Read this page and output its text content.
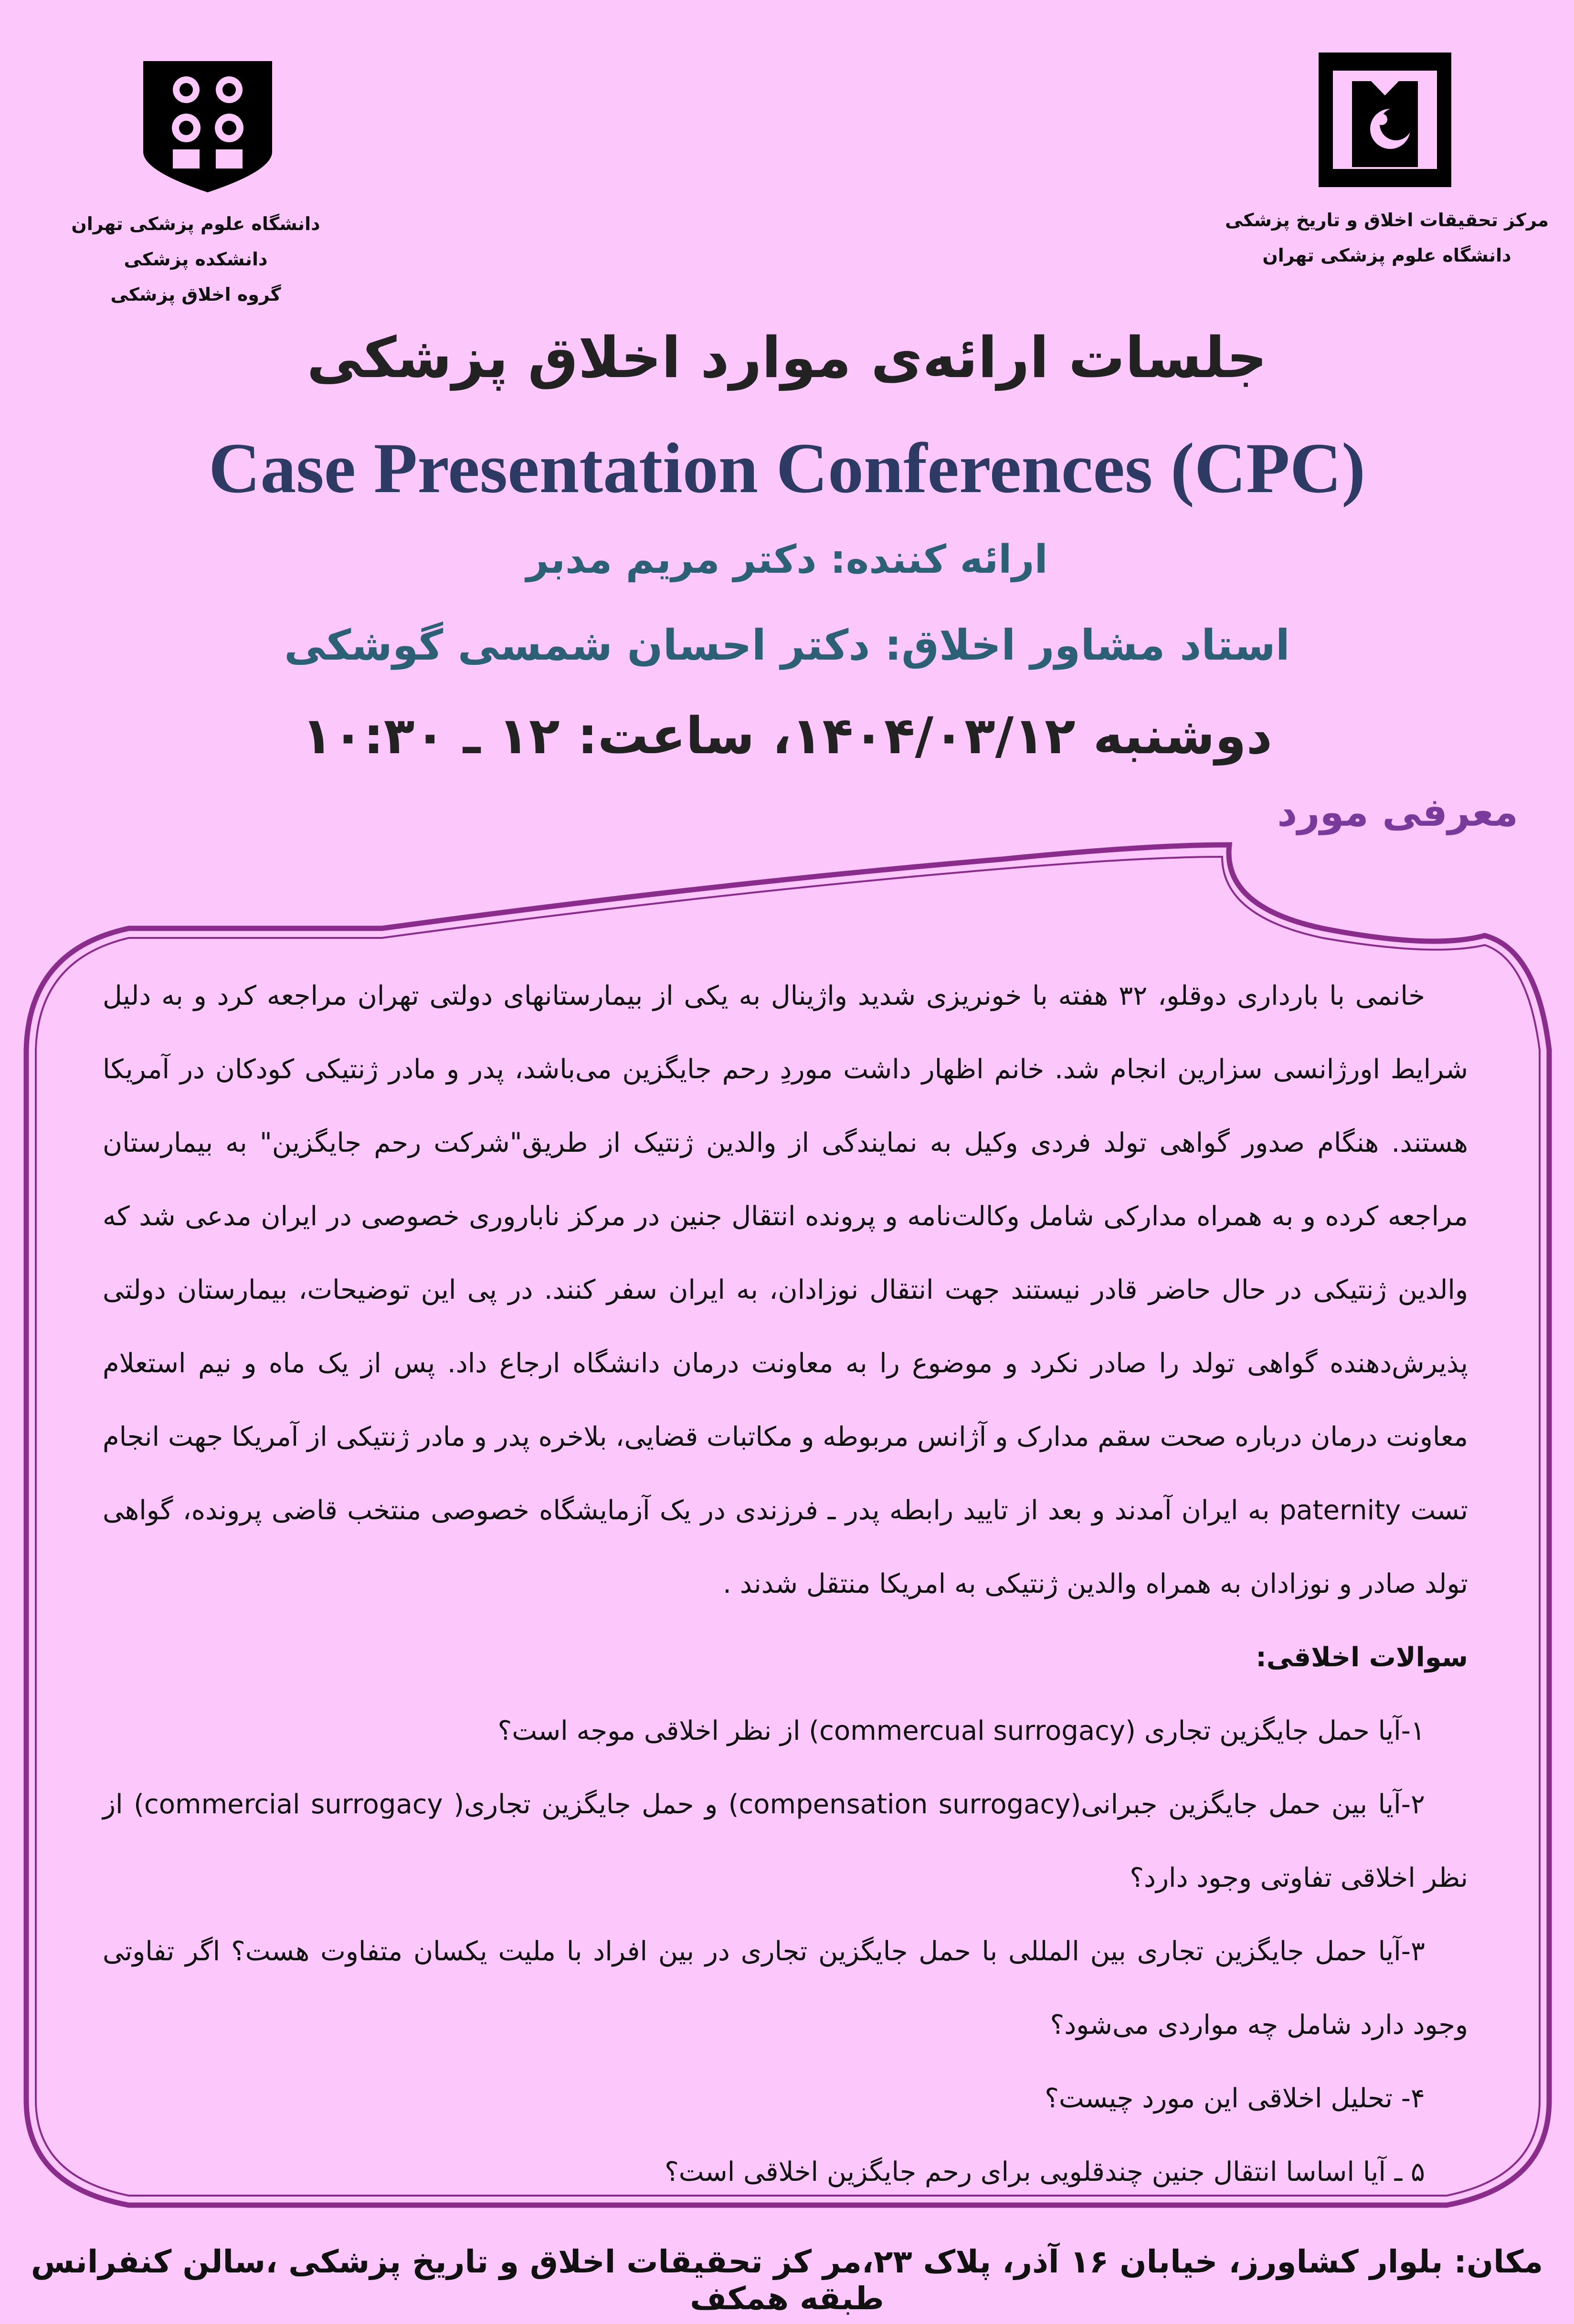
دانشگاه علوم پزشکی تهران
دانشکده پزشکی
گروه اخلاق پزشکی
مرکز تحقیقات اخلاق و تاریخ پزشکی
دانشگاه علوم پزشکی تهران
جلسات ارائه‌ی موارد اخلاق پزشکی
Case Presentation Conferences (CPC)
ارائه کننده: دکتر مریم مدبر
استاد مشاور اخلاق: دکتر احسان شمسی گوشکی
دوشنبه ۱۴۰۴/۰۳/۱۲، ساعت: ۱۲ ـ ۱۰:۳۰
معرفی مورد

خانمی با بارداری دوقلو، ۳۲ هفته با خونریزی شدید واژینال به یکی از بیمارستانهای دولتی تهران مراجعه کرد و به دلیل شرایط اورژانسی سزارین انجام شد. خانم اظهار داشت موردِ رحم جایگزین می‌باشد، پدر و مادر ژنتیکی کودکان در آمریکا هستند. هنگام صدور گواهی تولد فردی وکیل به نمایندگی از والدین ژنتیک از طریق"شرکت رحم جایگزین" به بیمارستان مراجعه کرده و به همراه مدارکی شامل وکالت‌نامه و پرونده انتقال جنین در مرکز ناباروری خصوصی در ایران مدعی شد که والدین ژنتیکی در حال حاضر قادر نیستند جهت انتقال نوزادان، به ایران سفر کنند. در پی این توضیحات، بیمارستان دولتی پذیرش‌دهنده گواهی تولد را صادر نکرد و موضوع را به معاونت درمان دانشگاه ارجاع داد. پس از یک ماه و نیم استعلام معاونت درمان درباره صحت سقم مدارک و آژانس مربوطه و مکاتبات قضایی، بلاخره پدر و مادر ژنتیکی از آمریکا جهت انجام تست paternity به ایران آمدند و بعد از تایید رابطه پدر ـ فرزندی در یک آزمایشگاه خصوصی منتخب قاضی پرونده، گواهی تولد صادر و نوزادان به همراه والدین ژنتیکی به امریکا منتقل شدند .

سوالات اخلاقی:

۱-آیا حمل جایگزین تجاری (commercual surrogacy) از نظر اخلاقی موجه است؟

۲-آیا بین حمل جایگزین جبرانی(compensation surrogacy) و حمل جایگزین تجاری( commercial surrogacy) از نظر اخلاقی تفاوتی وجود دارد؟

۳-آیا حمل جایگزین تجاری بین المللی با حمل جایگزین تجاری در بین افراد با ملیت یکسان متفاوت هست؟ اگر تفاوتی وجود دارد شامل چه مواردی می‌شود؟

۴- تحلیل اخلاقی این مورد چیست؟

۵ ـ آیا اساسا انتقال جنین چندقلویی برای رحم جایگزین اخلاقی است؟

مکان: بلوار کشاورز، خیابان ۱۶ آذر، پلاک ۲۳،مر کز تحقیقات اخلاق و تاریخ پزشکی ،سالن کنفرانس طبقه همکف
